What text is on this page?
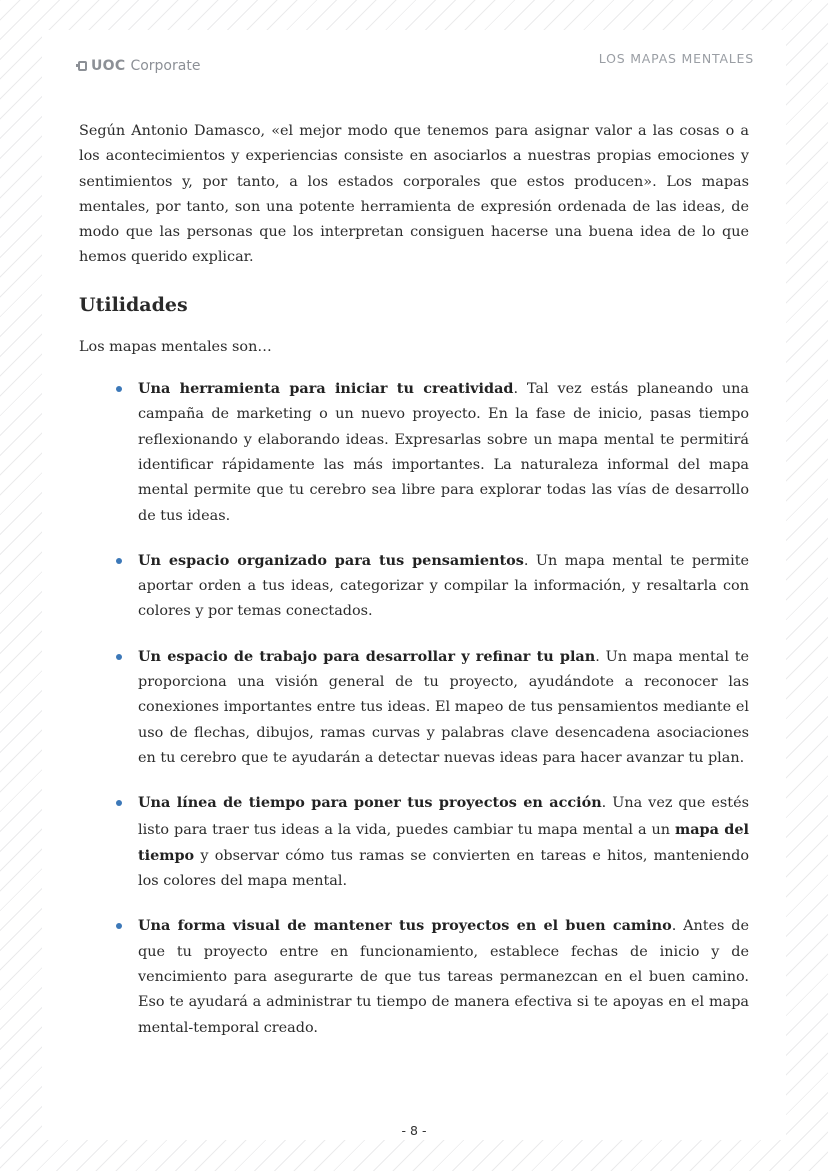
UOC Corporate	LOS MAPAS MENTALES

Según Antonio Damasco, «el mejor modo que tenemos para asignar valor a las cosas o a los acontecimientos y experiencias consiste en asociarlos a nuestras propias emociones y sentimientos y, por tanto, a los estados corporales que estos producen». Los mapas mentales, por tanto, son una potente herramienta de expresión ordenada de las ideas, de modo que las personas que los interpretan consiguen hacerse una buena idea de lo que hemos querido explicar.

Utilidades

Los mapas mentales son…

Una herramienta para iniciar tu creatividad. Tal vez estás planeando una campaña de marketing o un nuevo proyecto. En la fase de inicio, pasas tiempo reflexionando y elaborando ideas. Expresarlas sobre un mapa mental te permitirá identificar rápidamente las más importantes. La naturaleza informal del mapa mental permite que tu cerebro sea libre para explorar todas las vías de desarrollo de tus ideas.
Un espacio organizado para tus pensamientos. Un mapa mental te permite aportar orden a tus ideas, categorizar y compilar la información, y resaltarla con colores y por temas conectados.
Un espacio de trabajo para desarrollar y refinar tu plan. Un mapa mental te proporciona una visión general de tu proyecto, ayudándote a reconocer las conexiones importantes entre tus ideas. El mapeo de tus pensamientos mediante el uso de flechas, dibujos, ramas curvas y palabras clave desencadena asociaciones en tu cerebro que te ayudarán a detectar nuevas ideas para hacer avanzar tu plan.
Una línea de tiempo para poner tus proyectos en acción. Una vez que estés listo para traer tus ideas a la vida, puedes cambiar tu mapa mental a un mapa del tiempo y observar cómo tus ramas se convierten en tareas e hitos, manteniendo los colores del mapa mental.
Una forma visual de mantener tus proyectos en el buen camino. Antes de que tu proyecto entre en funcionamiento, establece fechas de inicio y de vencimiento para asegurarte de que tus tareas permanezcan en el buen camino. Eso te ayudará a administrar tu tiempo de manera efectiva si te apoyas en el mapa mental-temporal creado.
- 8 -
